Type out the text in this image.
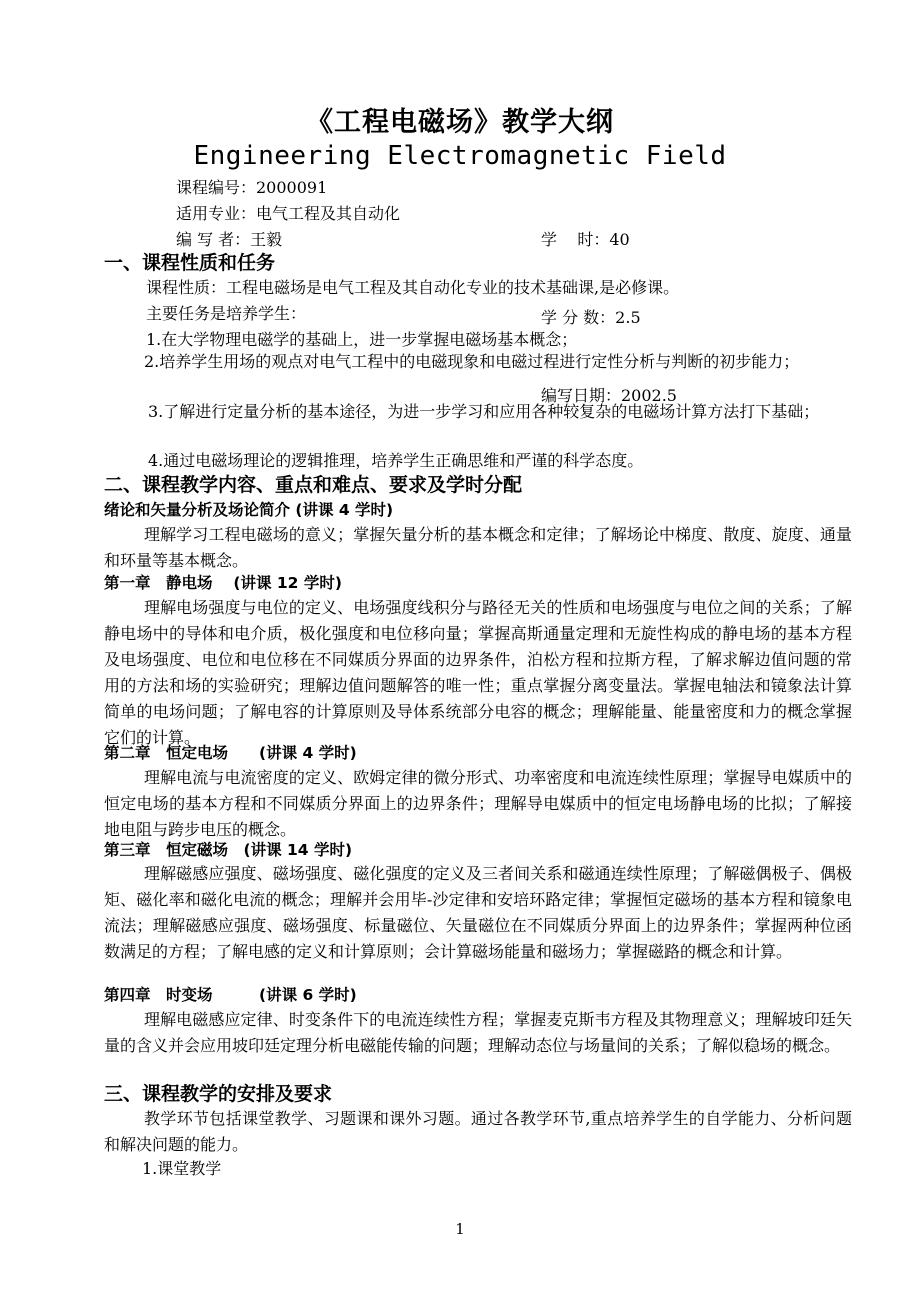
《工程电磁场》教学大纲
Engineering Electromagnetic Field
课程编号：2000091
适用专业：电气工程及其自动化
编 写 者：王毅

	学    时：40

学 分 数：2.5

编写日期：2002.5

一、课程性质和任务
课程性质：工程电磁场是电气工程及其自动化专业的技术基础课,是必修课。
主要任务是培养学生：
1.在大学物理电磁学的基础上，进一步掌握电磁场基本概念；
2.培养学生用场的观点对电气工程中的电磁现象和电磁过程进行定性分析与判断的初步能力；
3.了解进行定量分析的基本途径，为进一步学习和应用各种较复杂的电磁场计算方法打下基础；
4.通过电磁场理论的逻辑推理，培养学生正确思维和严谨的科学态度。
二、课程教学内容、重点和难点、要求及学时分配
绪论和矢量分析及场论简介 (讲课 4 学时)
理解学习工程电磁场的意义；掌握矢量分析的基本概念和定律；了解场论中梯度、散度、旋度、通量和环量等基本概念。
第一章　静电场　 (讲课 12 学时)
理解电场强度与电位的定义、电场强度线积分与路径无关的性质和电场强度与电位之间的关系；了解静电场中的导体和电介质，极化强度和电位移向量；掌握高斯通量定理和无旋性构成的静电场的基本方程及电场强度、电位和电位移在不同媒质分界面的边界条件，泊松方程和拉斯方程，了解求解边值问题的常用的方法和场的实验研究；理解边值问题解答的唯一性；重点掌握分离变量法。掌握电轴法和镜象法计算简单的电场问题；了解电容的计算原则及导体系统部分电容的概念；理解能量、能量密度和力的概念掌握它们的计算。
第二章　恒定电场　　(讲课 4 学时)
理解电流与电流密度的定义、欧姆定律的微分形式、功率密度和电流连续性原理；掌握导电媒质中的恒定电场的基本方程和不同媒质分界面上的边界条件；理解导电媒质中的恒定电场静电场的比拟；了解接地电阻与跨步电压的概念。
第三章　恒定磁场　(讲课 14 学时)
理解磁感应强度、磁场强度、磁化强度的定义及三者间关系和磁通连续性原理；了解磁偶极子、偶极矩、磁化率和磁化电流的概念；理解并会用毕-沙定律和安培环路定律；掌握恒定磁场的基本方程和镜象电流法；理解磁感应强度、磁场强度、标量磁位、矢量磁位在不同媒质分界面上的边界条件；掌握两种位函数满足的方程；了解电感的定义和计算原则；会计算磁场能量和磁场力；掌握磁路的概念和计算。
第四章　时变场　　　(讲课 6 学时)
理解电磁感应定律、时变条件下的电流连续性方程；掌握麦克斯韦方程及其物理意义；理解坡印廷矢量的含义并会应用坡印廷定理分析电磁能传输的问题；理解动态位与场量间的关系；了解似稳场的概念。
三、课程教学的安排及要求
教学环节包括课堂教学、习题课和课外习题。通过各教学环节,重点培养学生的自学能力、分析问题和解决问题的能力。
1.课堂教学
1
